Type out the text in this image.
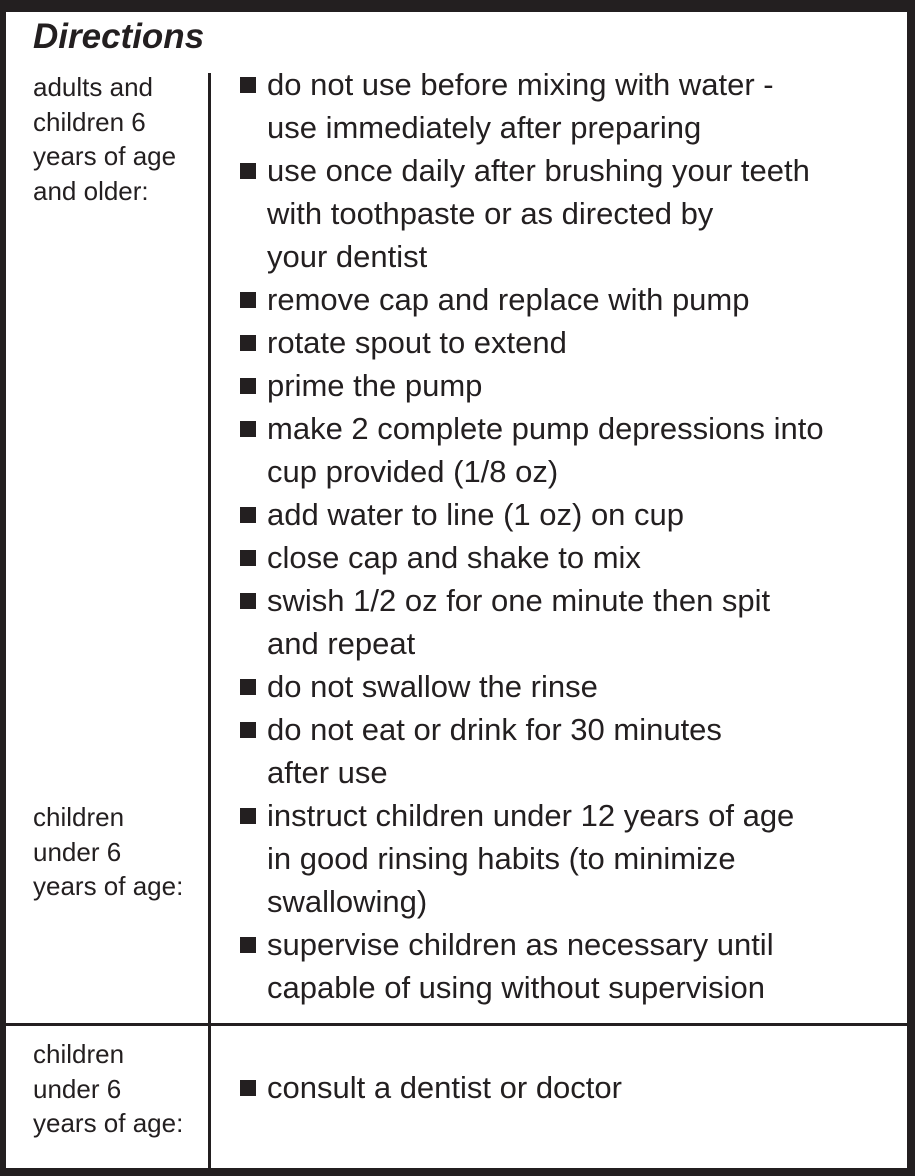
Directions

adults and
children 6
years of age
and older:

children
under 6
years of age:

children
under 6
years of age:

do not use before mixing with water -
use immediately after preparing
use once daily after brushing your teeth
with toothpaste or as directed by
your dentist
remove cap and replace with pump
rotate spout to extend
prime the pump
make 2 complete pump depressions into
cup provided (1/8 oz)
add water to line (1 oz) on cup
close cap and shake to mix
swish 1/2 oz for one minute then spit
and repeat
do not swallow the rinse
do not eat or drink for 30 minutes
after use
instruct children under 12 years of age
in good rinsing habits (to minimize
swallowing)
supervise children as necessary until
capable of using without supervision
consult a dentist or doctor
